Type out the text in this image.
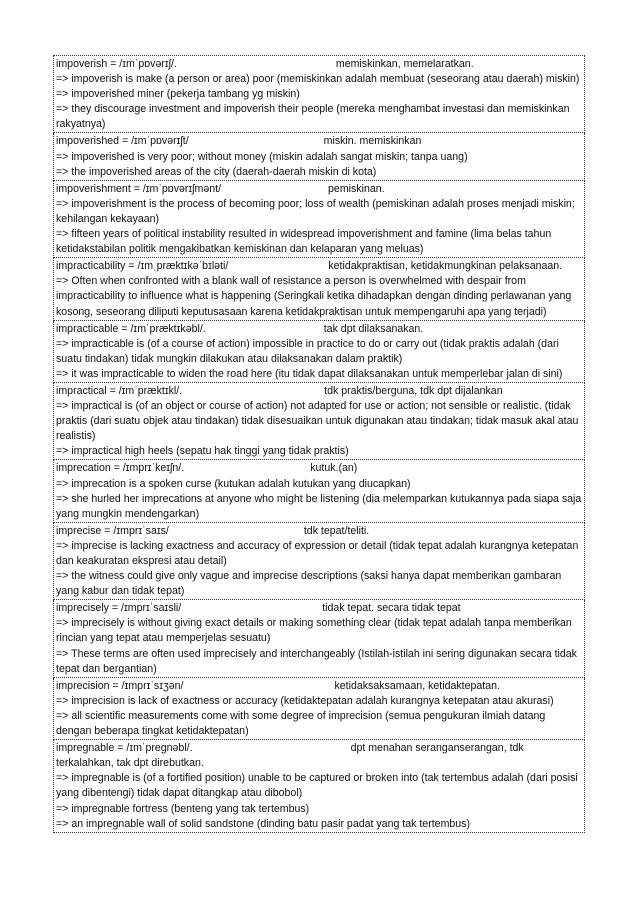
impoverish = /ɪmˈpɒvərɪʃ/.	memiskinkan, memelaratkan.

=> impoverish is make (a person or area) poor (memiskinkan adalah membuat (seseorang atau daerah) miskin)

=> impoverished miner (pekerja tambang yg miskin)

=> they discourage investment and impoverish their people (mereka menghambat investasi dan memiskinkan rakyatnya)

impoverished = /ɪmˈpɒvərɪʃt/	miskin. memiskinkan

=> impoverished is very poor; without money (miskin adalah sangat miskin; tanpa uang)

=> the impoverished areas of the city (daerah-daerah miskin di kota)

impoverishment = /ɪmˈpɒvərɪʃmənt/	pemiskinan.

=> impoverishment is the process of becoming poor; loss of wealth (pemiskinan adalah proses menjadi miskin; kehilangan kekayaan)

=> fifteen years of political instability resulted in widespread impoverishment and famine (lima belas tahun ketidakstabilan politik mengakibatkan kemiskinan dan kelaparan yang meluas)

impracticability = /ɪmˌpræktɪkəˈbɪləti/	ketidakpraktisan, ketidakmungkinan pelaksanaan.

=> Often when confronted with a blank wall of resistance a person is overwhelmed with despair from impracticability to influence what is happening (Seringkali ketika dihadapkan dengan dinding perlawanan yang kosong, seseorang diliputi keputusasaan karena ketidakpraktisan untuk mempengaruhi apa yang terjadi)

impracticable = /ɪmˈpræktɪkəbl/.	tak dpt dilaksanakan.

=> impracticable is (of a course of action) impossible in practice to do or carry out (tidak praktis adalah (dari suatu tindakan) tidak mungkin dilakukan atau dilaksanakan dalam praktik)

=> it was impracticable to widen the road here (itu tidak dapat dilaksanakan untuk memperlebar jalan di sini)

impractical = /ɪmˈpræktɪkl/.	tdk praktis/berguna, tdk dpt dijalankan

=> impractical is (of an object or course of action) not adapted for use or action; not sensible or realistic. (tidak praktis (dari suatu objek atau tindakan) tidak disesuaikan untuk digunakan atau tindakan; tidak masuk akal atau realistis)

=> impractical high heels (sepatu hak tinggi yang tidak praktis)

imprecation = /ɪmprɪˈkeɪʃn/.	kutuk.(an)

=> imprecation is a spoken curse (kutukan adalah kutukan yang diucapkan)

=> she hurled her imprecations at anyone who might be listening (dia melemparkan kutukannya pada siapa saja yang mungkin mendengarkan)

imprecise = /ɪmprɪˈsaɪs/	tdk tepat/teliti.

=> imprecise is lacking exactness and accuracy of expression or detail (tidak tepat adalah kurangnya ketepatan dan keakuratan ekspresi atau detail)

=> the witness could give only vague and imprecise descriptions (saksi hanya dapat memberikan gambaran yang kabur dan tidak tepat)

imprecisely = /ɪmprɪˈsaɪsli/	tidak tepat. secara tidak tepat

=> imprecisely is without giving exact details or making something clear (tidak tepat adalah tanpa memberikan rincian yang tepat atau memperjelas sesuatu)

=> These terms are often used imprecisely and interchangeably (Istilah-istilah ini sering digunakan secara tidak tepat dan bergantian)

imprecision = /ɪmprɪˈsɪʒən/	ketidaksaksamaan, ketidaktepatan.

=> imprecision is lack of exactness or accuracy (ketidaktepatan adalah kurangnya ketepatan atau akurasi)

=> all scientific measurements come with some degree of imprecision (semua pengukuran ilmiah datang dengan beberapa tingkat ketidaktepatan)

impregnable = /ɪmˈpregnəbl/.	dpt menahan seranganserangan, tdk terkalahkan, tak dpt direbutkan.

=> impregnable is (of a fortified position) unable to be captured or broken into (tak tertembus adalah (dari posisi yang dibentengi) tidak dapat ditangkap atau dibobol)

=> impregnable fortress (benteng yang tak tertembus)

=> an impregnable wall of solid sandstone (dinding batu pasir padat yang tak tertembus)
